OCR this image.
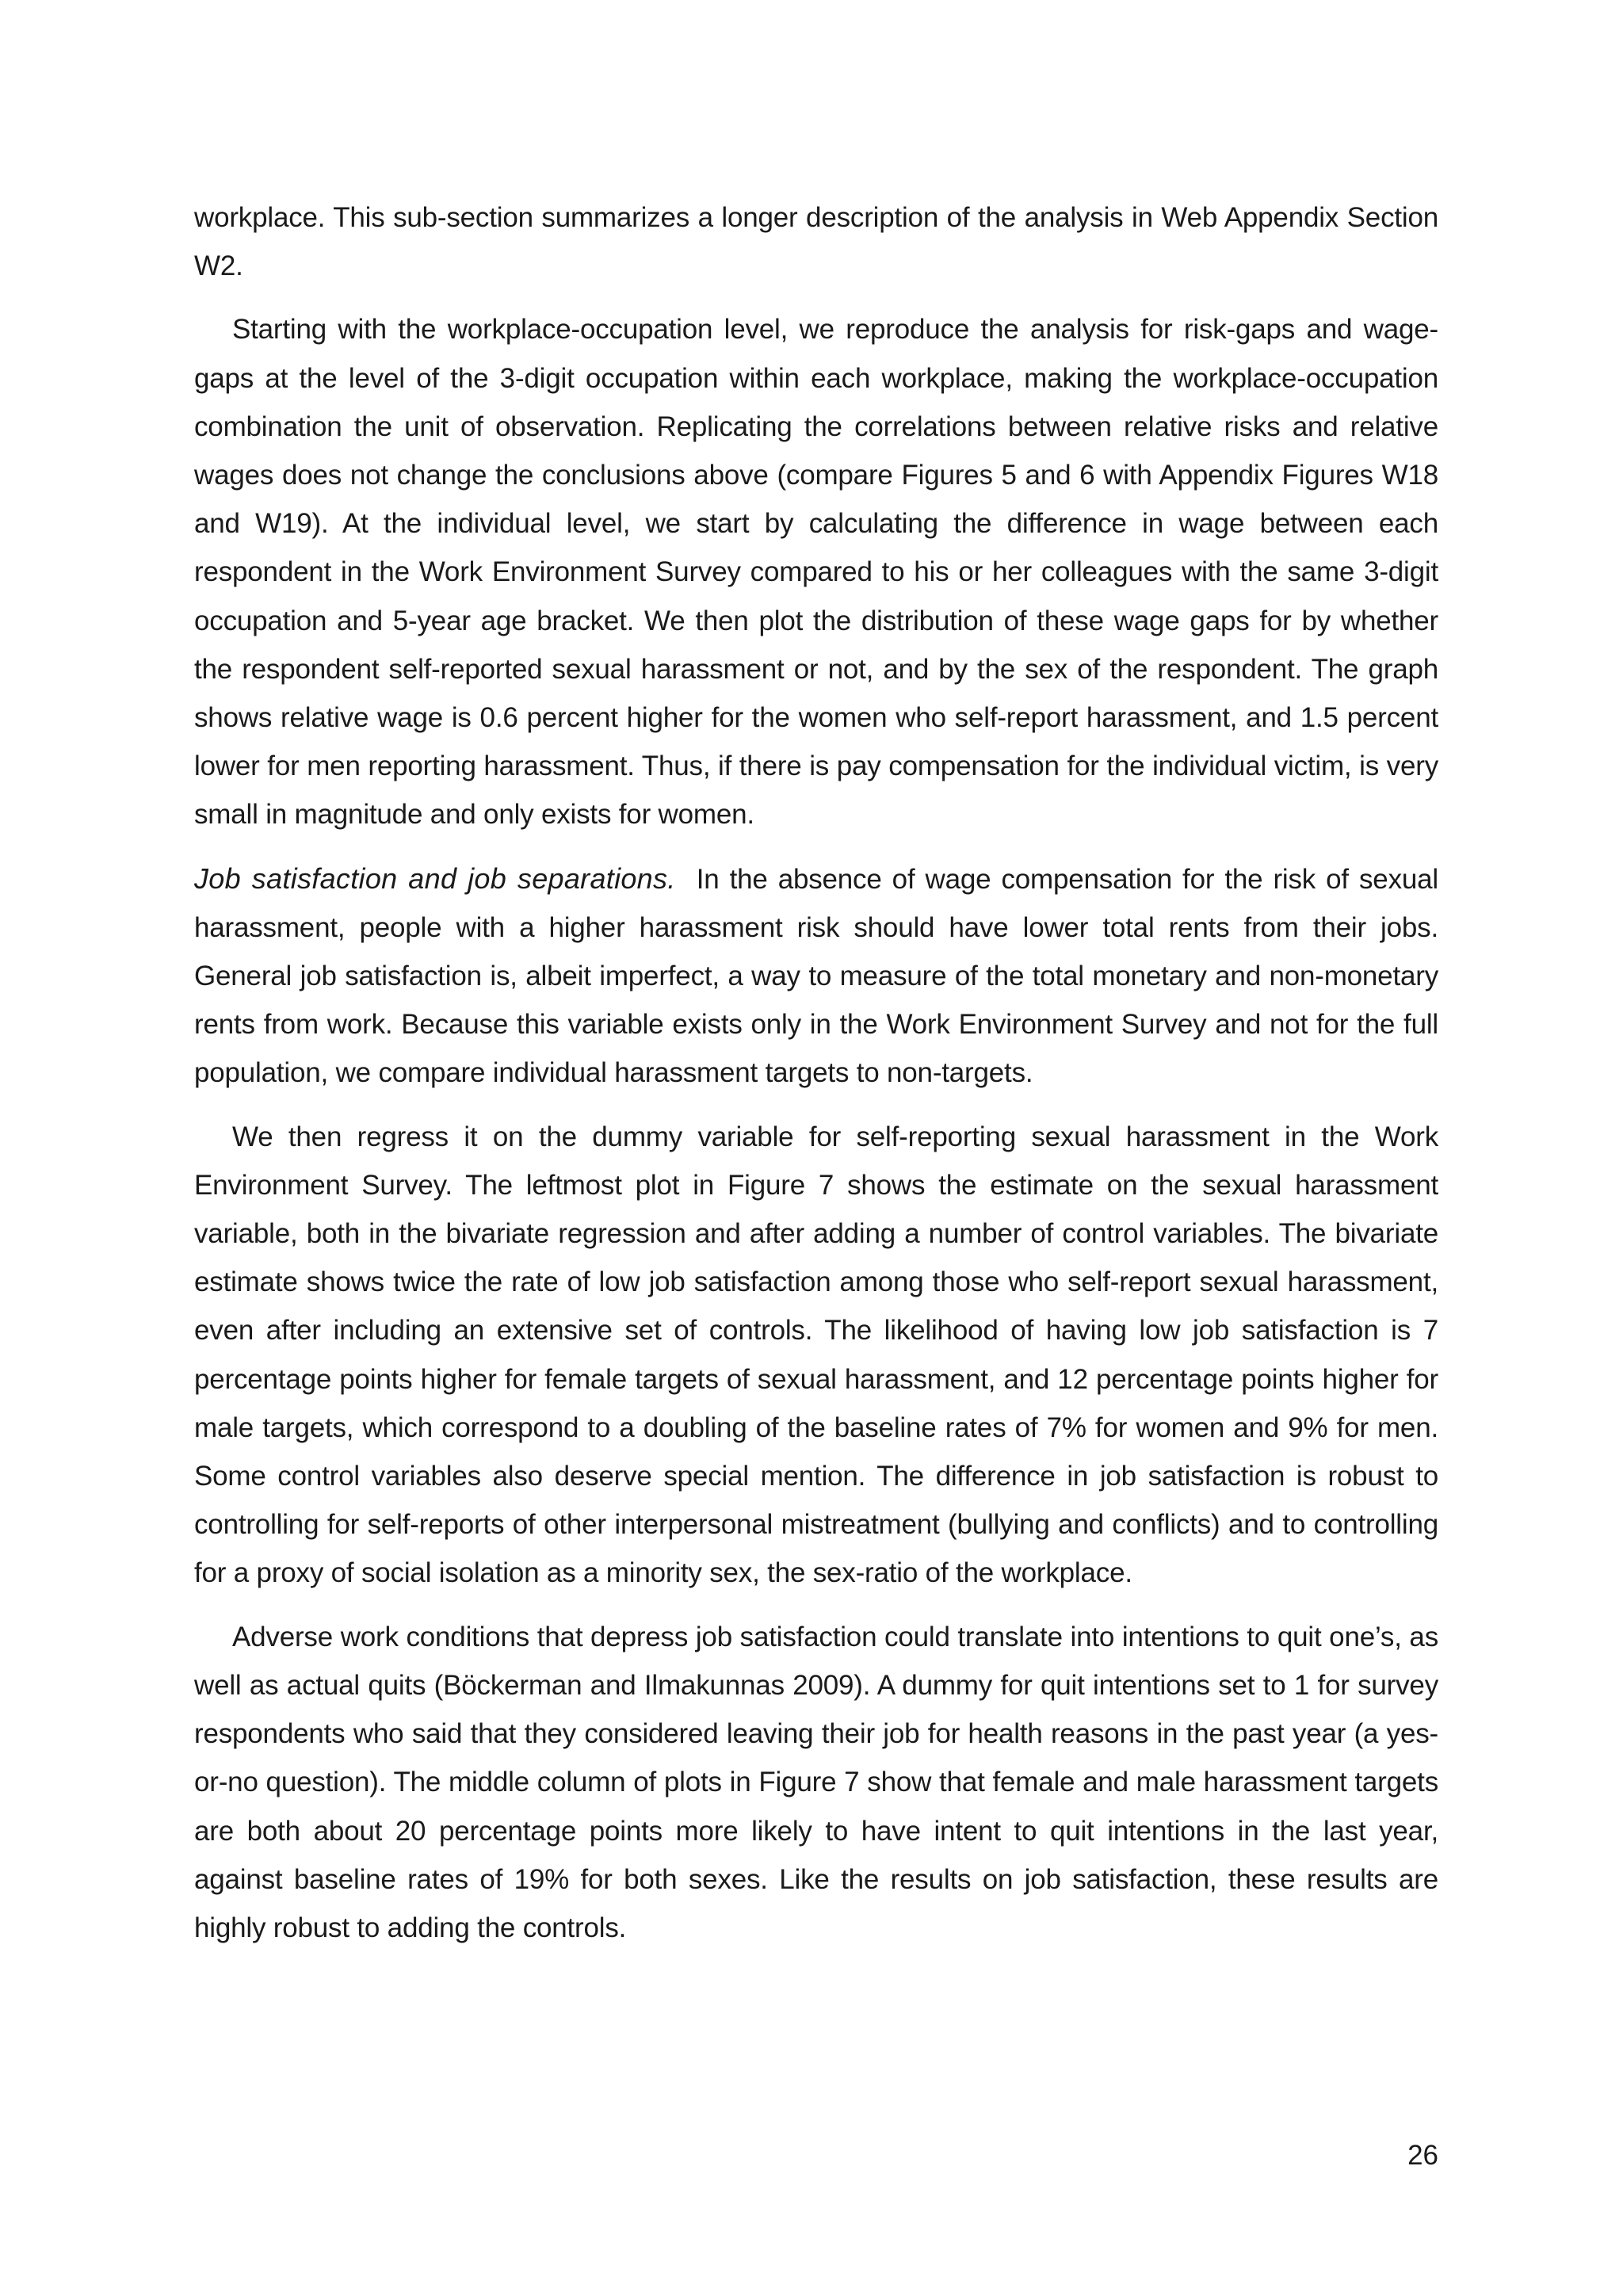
workplace. This sub-section summarizes a longer description of the analysis in Web Appendix Section W2.

Starting with the workplace-occupation level, we reproduce the analysis for risk-gaps and wage-gaps at the level of the 3-digit occupation within each workplace, making the workplace-occupation combination the unit of observation. Replicating the correlations between relative risks and relative wages does not change the conclusions above (compare Figures 5 and 6 with Appendix Figures W18 and W19). At the individual level, we start by calculating the difference in wage between each respondent in the Work Environment Survey compared to his or her colleagues with the same 3-digit occupation and 5-year age bracket. We then plot the distribution of these wage gaps for by whether the respondent self-reported sexual harassment or not, and by the sex of the respondent. The graph shows relative wage is 0.6 percent higher for the women who self-report harassment, and 1.5 percent lower for men reporting harassment. Thus, if there is pay compensation for the individual victim, is very small in magnitude and only exists for women.

Job satisfaction and job separations. In the absence of wage compensation for the risk of sexual harassment, people with a higher harassment risk should have lower total rents from their jobs. General job satisfaction is, albeit imperfect, a way to measure of the total monetary and non-monetary rents from work. Because this variable exists only in the Work Environment Survey and not for the full population, we compare individual harassment targets to non-targets.

We then regress it on the dummy variable for self-reporting sexual harassment in the Work Environment Survey. The leftmost plot in Figure 7 shows the estimate on the sexual harassment variable, both in the bivariate regression and after adding a number of control variables. The bivariate estimate shows twice the rate of low job satisfaction among those who self-report sexual harassment, even after including an extensive set of controls. The likelihood of having low job satisfaction is 7 percentage points higher for female targets of sexual harassment, and 12 percentage points higher for male targets, which correspond to a doubling of the baseline rates of 7% for women and 9% for men. Some control variables also deserve special mention. The difference in job satisfaction is robust to controlling for self-reports of other interpersonal mistreatment (bullying and conflicts) and to controlling for a proxy of social isolation as a minority sex, the sex-ratio of the workplace.

Adverse work conditions that depress job satisfaction could translate into intentions to quit one’s, as well as actual quits (Böckerman and Ilmakunnas 2009). A dummy for quit intentions set to 1 for survey respondents who said that they considered leaving their job for health reasons in the past year (a yes-or-no question). The middle column of plots in Figure 7 show that female and male harassment targets are both about 20 percentage points more likely to have intent to quit intentions in the last year, against baseline rates of 19% for both sexes. Like the results on job satisfaction, these results are highly robust to adding the controls.

26
